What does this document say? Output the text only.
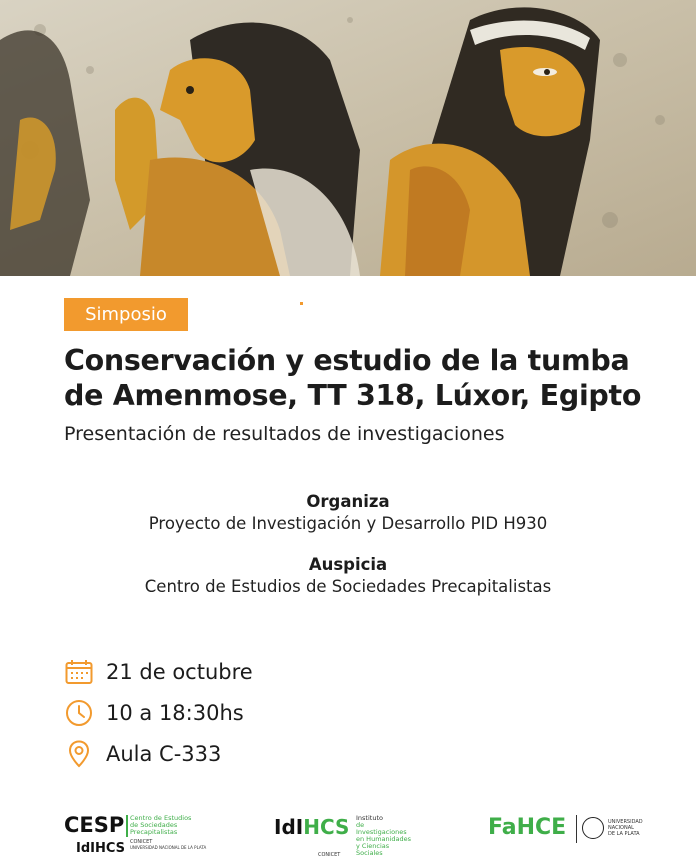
Simposio
Conservación y estudio de la tumba
de Amenmose, TT 318, Lúxor, Egipto
Presentación de resultados de investigaciones
Organiza
Proyecto de Investigación y Desarrollo PID H930
Auspicia
Centro de Estudios de Sociedades Precapitalistas
21 de octubre
10 a 18:30hs
Aula C-333
CESP Centro de Estudios
de Sociedades
Precapitalistas
IdIHCS CONICET
UNIVERSIDAD NACIONAL DE LA PLATA
IdIHCS Instituto
de Investigaciones
en Humanidades
y Ciencias Sociales
CONICET
FaHCE	UNIVERSIDAD
NACIONAL
DE LA PLATA
